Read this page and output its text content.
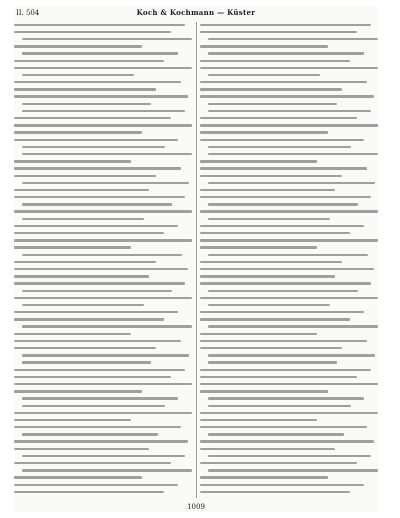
II. 504	Koch & Kochmann — Küster
1009
